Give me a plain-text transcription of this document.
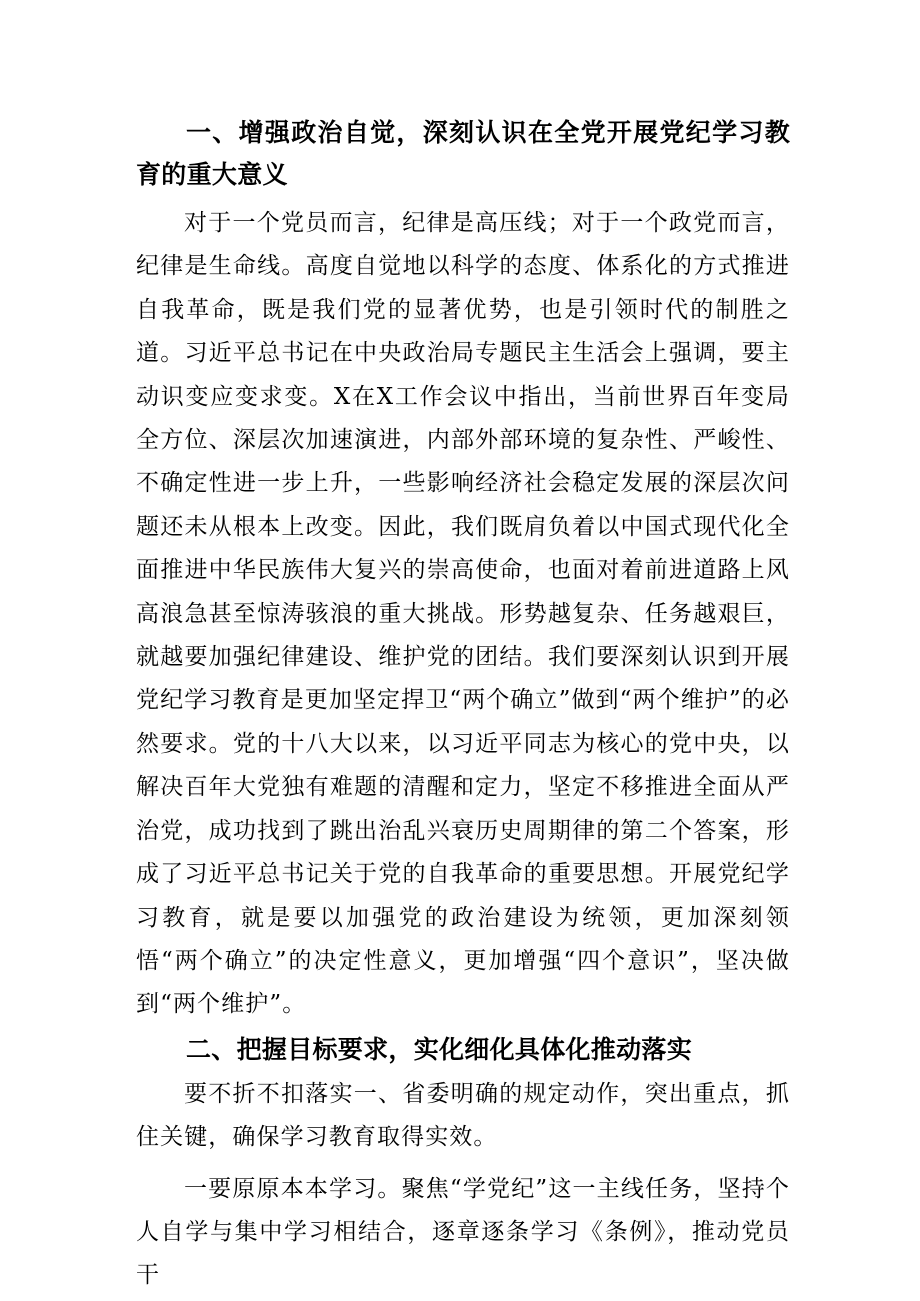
一、增强政治自觉，深刻认识在全党开展党纪学习教育的重大意义

对于一个党员而言，纪律是高压线；对于一个政党而言，纪律是生命线。高度自觉地以科学的态度、体系化的方式推进自我革命，既是我们党的显著优势，也是引领时代的制胜之道。习近平总书记在中央政治局专题民主生活会上强调，要主动识变应变求变。X在X工作会议中指出，当前世界百年变局全方位、深层次加速演进，内部外部环境的复杂性、严峻性、不确定性进一步上升，一些影响经济社会稳定发展的深层次问题还未从根本上改变。因此，我们既肩负着以中国式现代化全面推进中华民族伟大复兴的崇高使命，也面对着前进道路上风高浪急甚至惊涛骇浪的重大挑战。形势越复杂、任务越艰巨，就越要加强纪律建设、维护党的团结。我们要深刻认识到开展党纪学习教育是更加坚定捍卫“两个确立”做到“两个维护”的必然要求。党的十八大以来，以习近平同志为核心的党中央，以解决百年大党独有难题的清醒和定力，坚定不移推进全面从严治党，成功找到了跳出治乱兴衰历史周期律的第二个答案，形成了习近平总书记关于党的自我革命的重要思想。开展党纪学习教育，就是要以加强党的政治建设为统领，更加深刻领悟“两个确立”的决定性意义，更加增强“四个意识”，坚决做到“两个维护”。

二、把握目标要求，实化细化具体化推动落实

要不折不扣落实一、省委明确的规定动作，突出重点，抓住关键，确保学习教育取得实效。

一要原原本本学习。聚焦“学党纪”这一主线任务，坚持个人自学与集中学习相结合，逐章逐条学习《条例》，推动党员干
